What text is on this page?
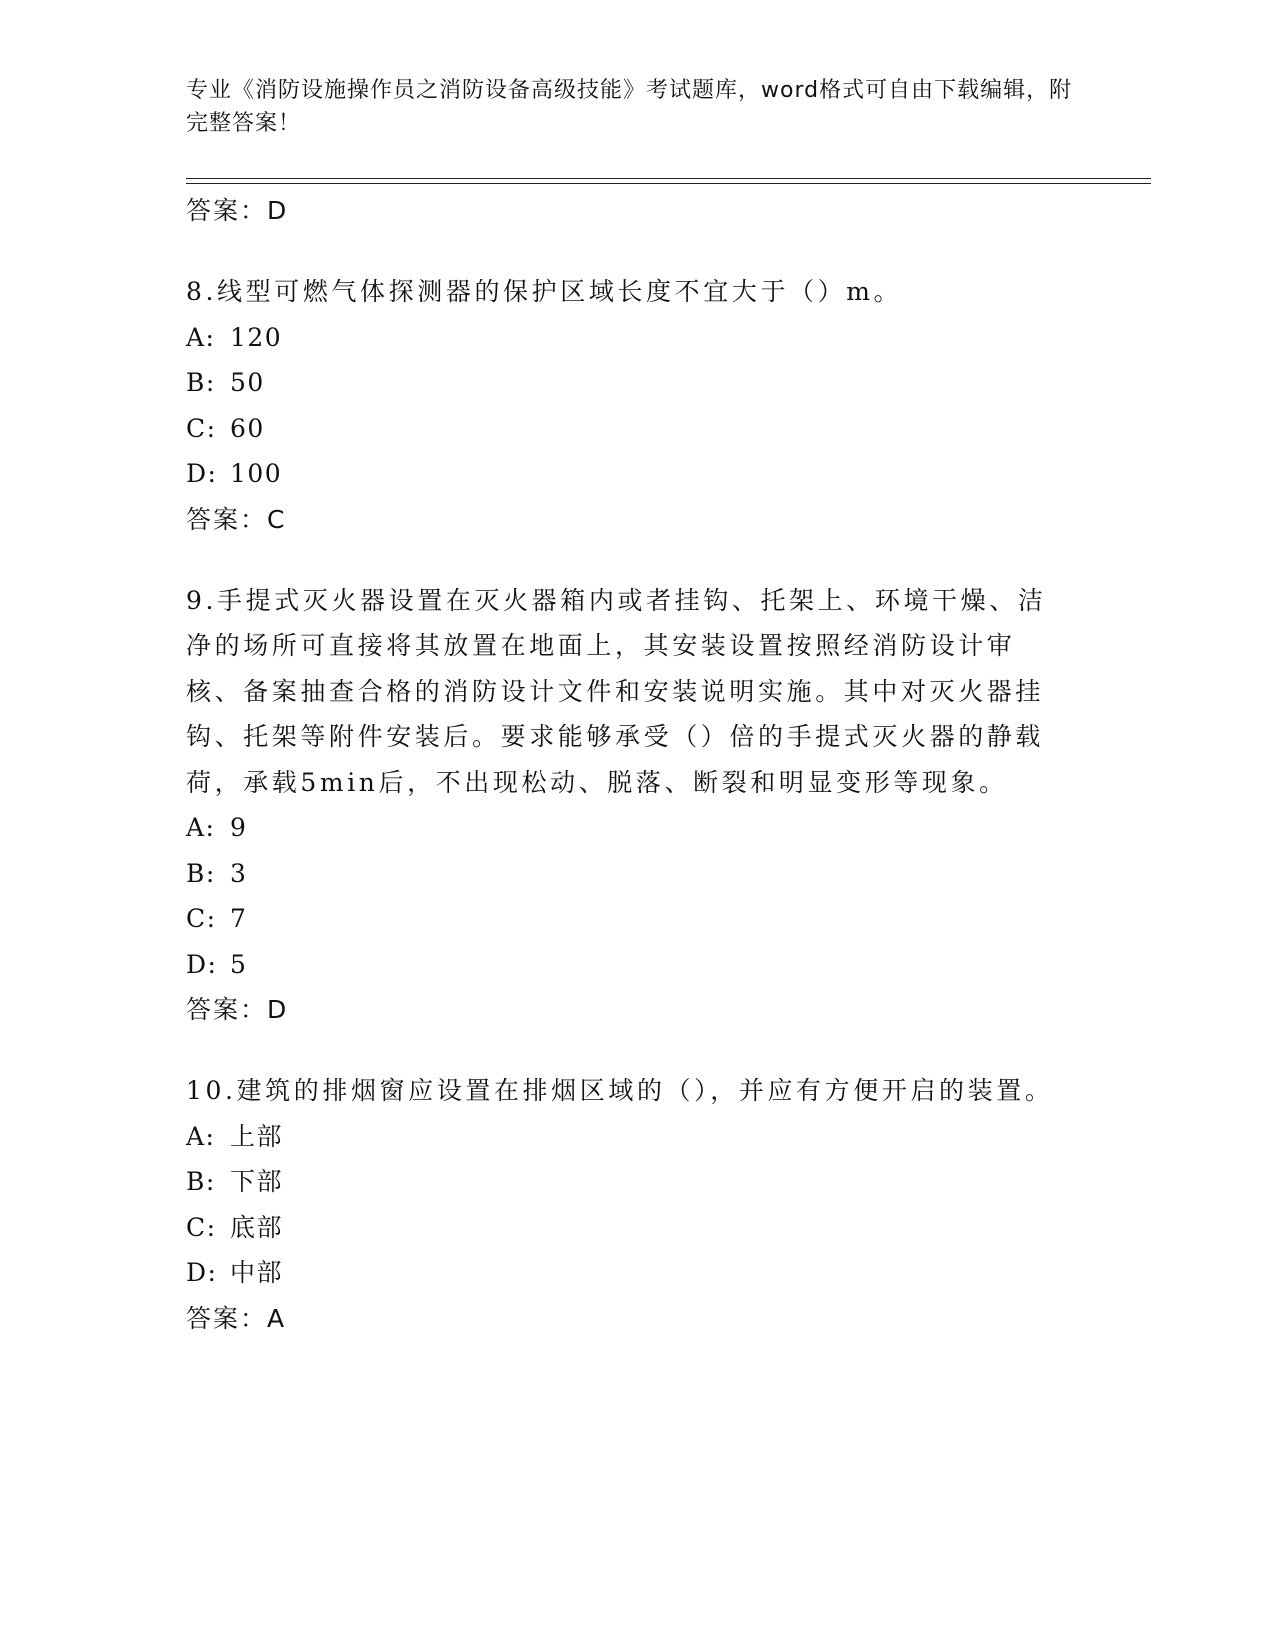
专业《消防设施操作员之消防设备高级技能》考试题库，word格式可自由下载编辑，附完整答案！
答案：D
8.线型可燃气体探测器的保护区域长度不宜大于（）m。
A: 120
B: 50
C: 60
D: 100
答案：C
9.手提式灭火器设置在灭火器箱内或者挂钩、托架上、环境干燥、洁净的场所可直接将其放置在地面上，其安装设置按照经消防设计审核、备案抽查合格的消防设计文件和安装说明实施。其中对灭火器挂钩、托架等附件安装后。要求能够承受（）倍的手提式灭火器的静载荷，承载5min后，不出现松动、脱落、断裂和明显变形等现象。
A: 9
B: 3
C: 7
D: 5
答案：D
10.建筑的排烟窗应设置在排烟区域的（），并应有方便开启的装置。
A: 上部
B: 下部
C: 底部
D: 中部
答案：A
